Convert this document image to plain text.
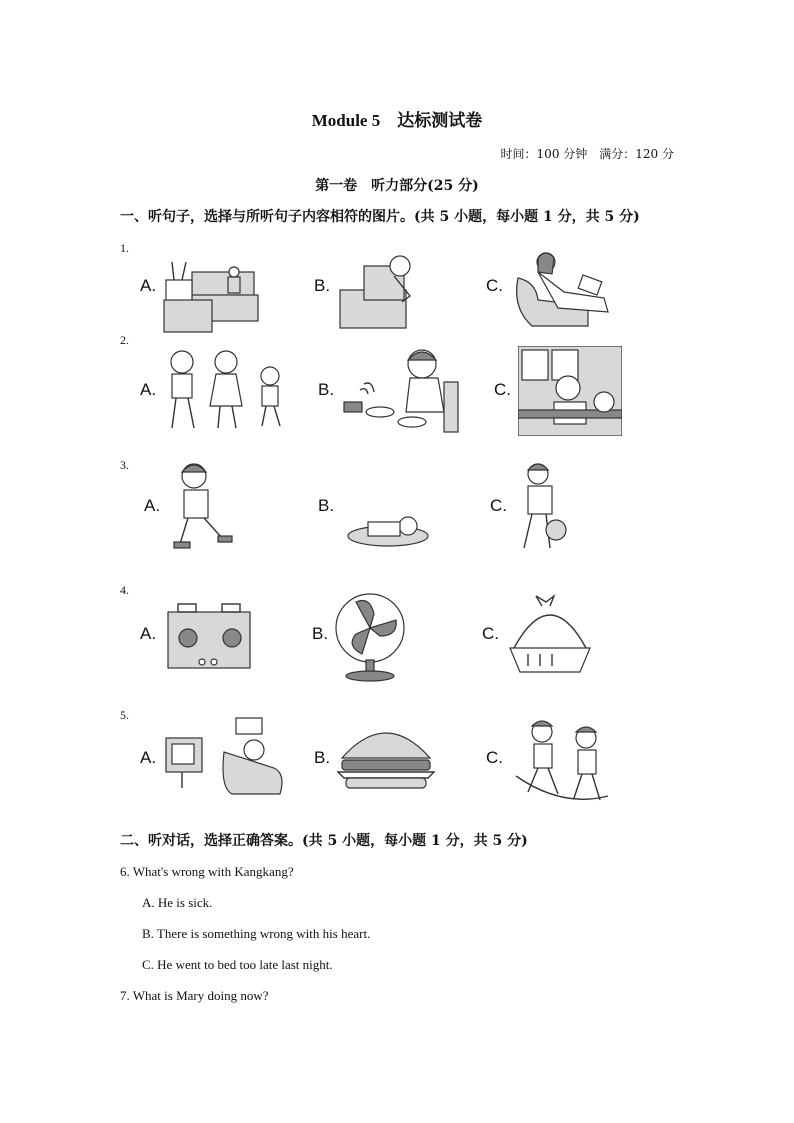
Module 5　达标测试卷
时间：100 分钟　满分：120 分
第一卷　听力部分(25 分)
一、听句子，选择与所听句子内容相符的图片。(共 5 小题，每小题 1 分，共 5 分)
1.
A.	B.	C.
2.
A.	B.	C.
3.
A.	B.	C.
4.
A.	B.	C.
5.
A.	B.	C.
二、听对话，选择正确答案。(共 5 小题，每小题 1 分，共 5 分)
6. What's wrong with Kangkang?
A. He is sick.
B. There is something wrong with his heart.
C. He went to bed too late last night.
7. What is Mary doing now?
